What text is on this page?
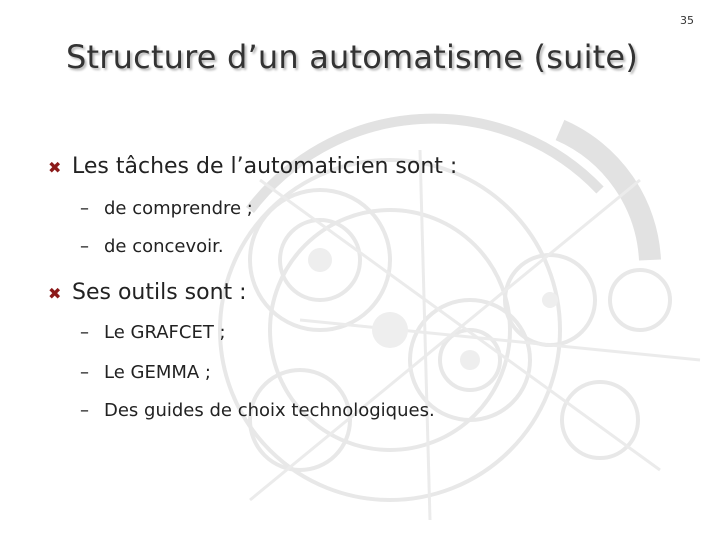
35
Structure d’un automatisme (suite)
✖ Les tâches de l’automaticien sont :
– de comprendre ;
– de concevoir.
✖ Ses outils sont :
– Le GRAFCET ;
– Le GEMMA ;
– Des guides de choix technologiques.
